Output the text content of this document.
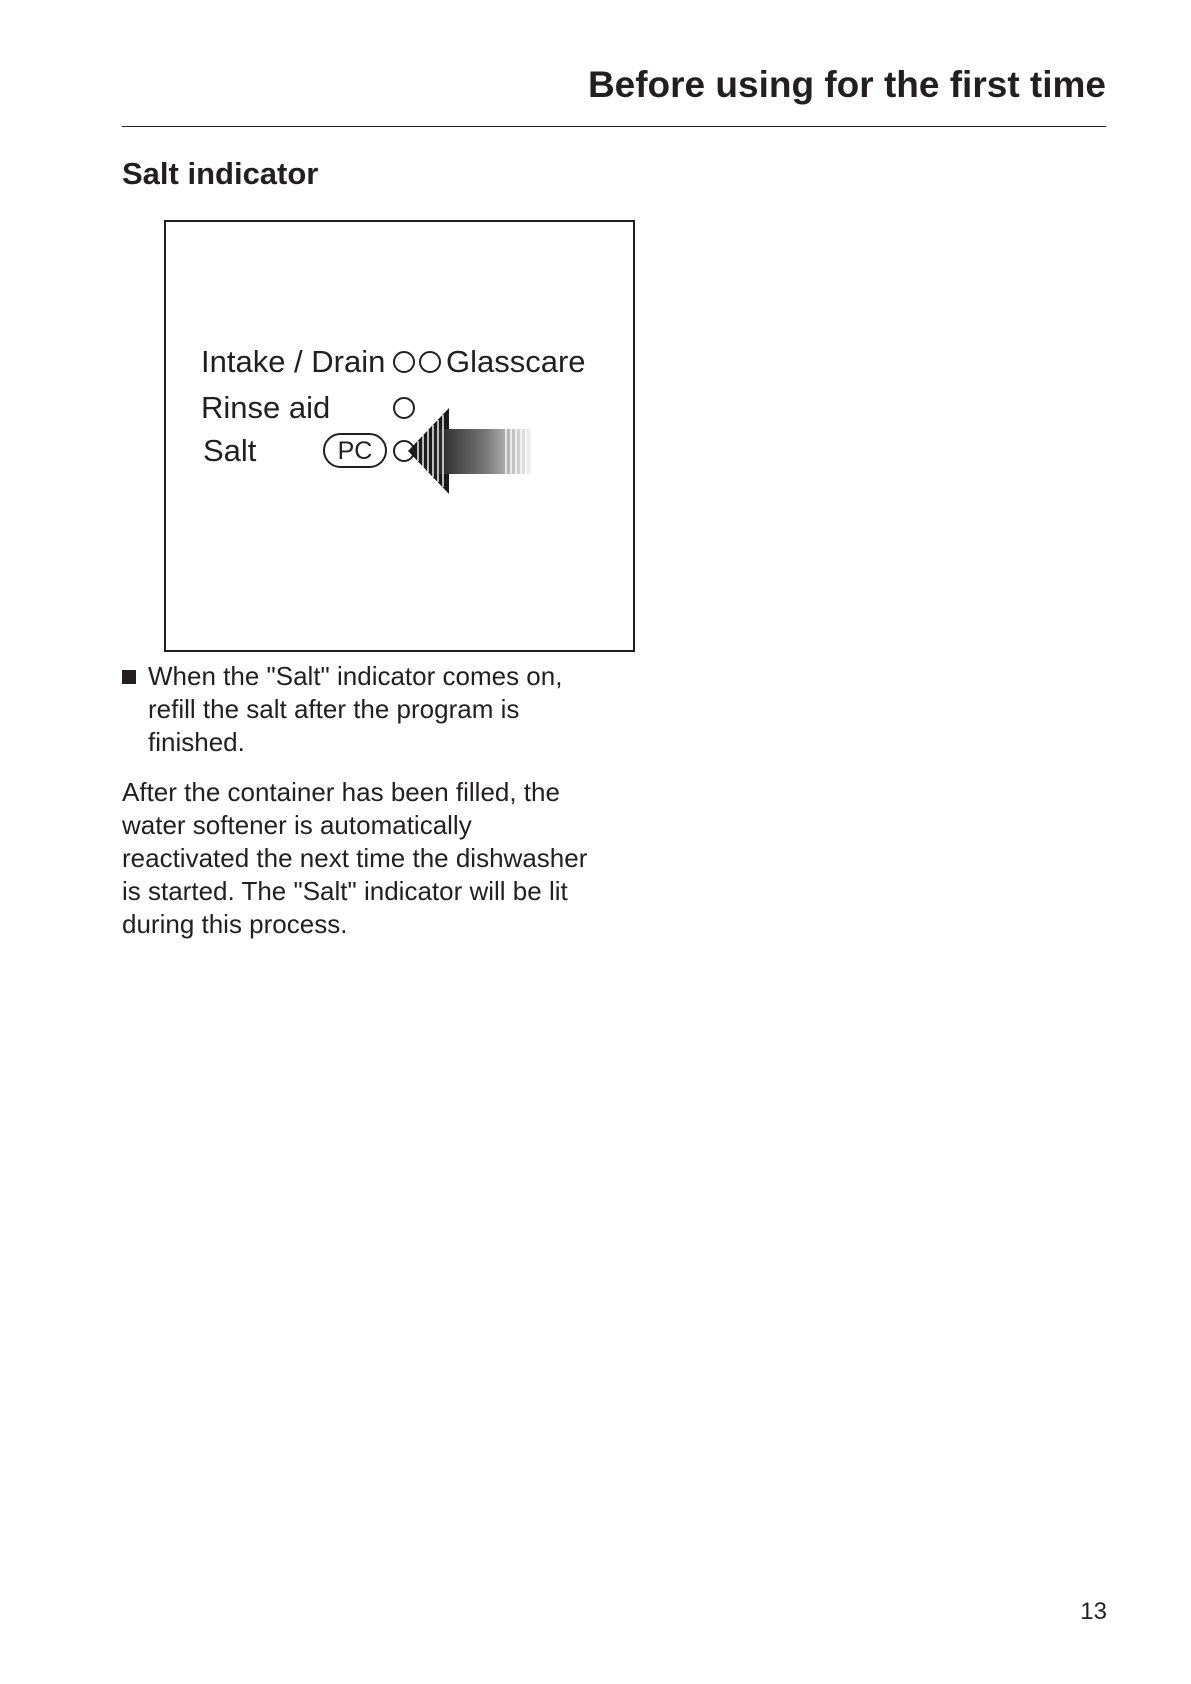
Before using for the first time
Salt indicator
Intake / Drain Glasscare
Rinse aid
Salt	PC

When the "Salt" indicator comes on, refill the salt after the program is finished.

After the container has been filled, the water softener is automatically reactivated the next time the dishwasher is started. The "Salt" indicator will be lit during this process.

13
